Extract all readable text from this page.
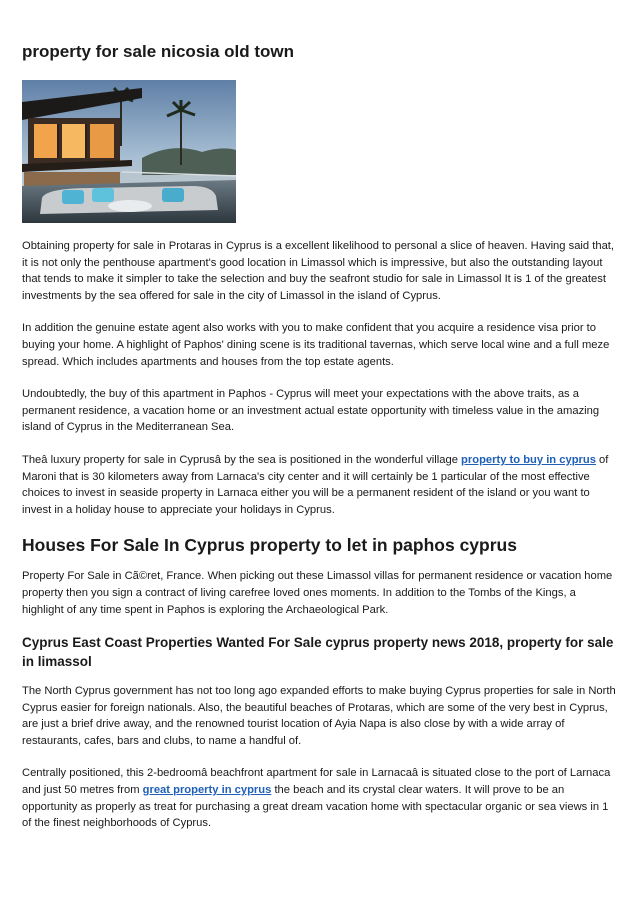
property for sale nicosia old town

Obtaining property for sale in Protaras in Cyprus is a excellent likelihood to personal a slice of heaven. Having said that, it is not only the penthouse apartment's good location in Limassol which is impressive, but also the outstanding layout that tends to make it simpler to take the selection and buy the seafront studio for sale in Limassol It is 1 of the greatest investments by the sea offered for sale in the city of Limassol in the island of Cyprus.

In addition the genuine estate agent also works with you to make confident that you acquire a residence visa prior to buying your home. A highlight of Paphos' dining scene is its traditional tavernas, which serve local wine and a full meze spread. Which includes apartments and houses from the top estate agents.

Undoubtedly, the buy of this apartment in Paphos - Cyprus will meet your expectations with the above traits, as a permanent residence, a vacation home or an investment actual estate opportunity with timeless value in the amazing island of Cyprus in the Mediterranean Sea.

Theâ luxury property for sale in Cyprusâ by the sea is positioned in the wonderful village property to buy in cyprus of Maroni that is 30 kilometers away from Larnaca's city center and it will certainly be 1 particular of the most effective choices to invest in seaside property in Larnaca either you will be a permanent resident of the island or you want to invest in a holiday house to appreciate your holidays in Cyprus.

Houses For Sale In Cyprus property to let in paphos cyprus

Property For Sale in Cã©ret, France. When picking out these Limassol villas for permanent residence or vacation home property then you sign a contract of living carefree loved ones moments. In addition to the Tombs of the Kings, a highlight of any time spent in Paphos is exploring the Archaeological Park.

Cyprus East Coast Properties Wanted For Sale cyprus property news 2018, property for sale in limassol

The North Cyprus government has not too long ago expanded efforts to make buying Cyprus properties for sale in North Cyprus easier for foreign nationals. Also, the beautiful beaches of Protaras, which are some of the very best in Cyprus, are just a brief drive away, and the renowned tourist location of Ayia Napa is also close by with a wide array of restaurants, cafes, bars and clubs, to name a handful of.

Centrally positioned, this 2-bedroomâ beachfront apartment for sale in Larnacaâ is situated close to the port of Larnaca and just 50 metres from great property in cyprus the beach and its crystal clear waters. It will prove to be an opportunity as properly as treat for purchasing a great dream vacation home with spectacular organic or sea views in 1 of the finest neighborhoods of Cyprus.
